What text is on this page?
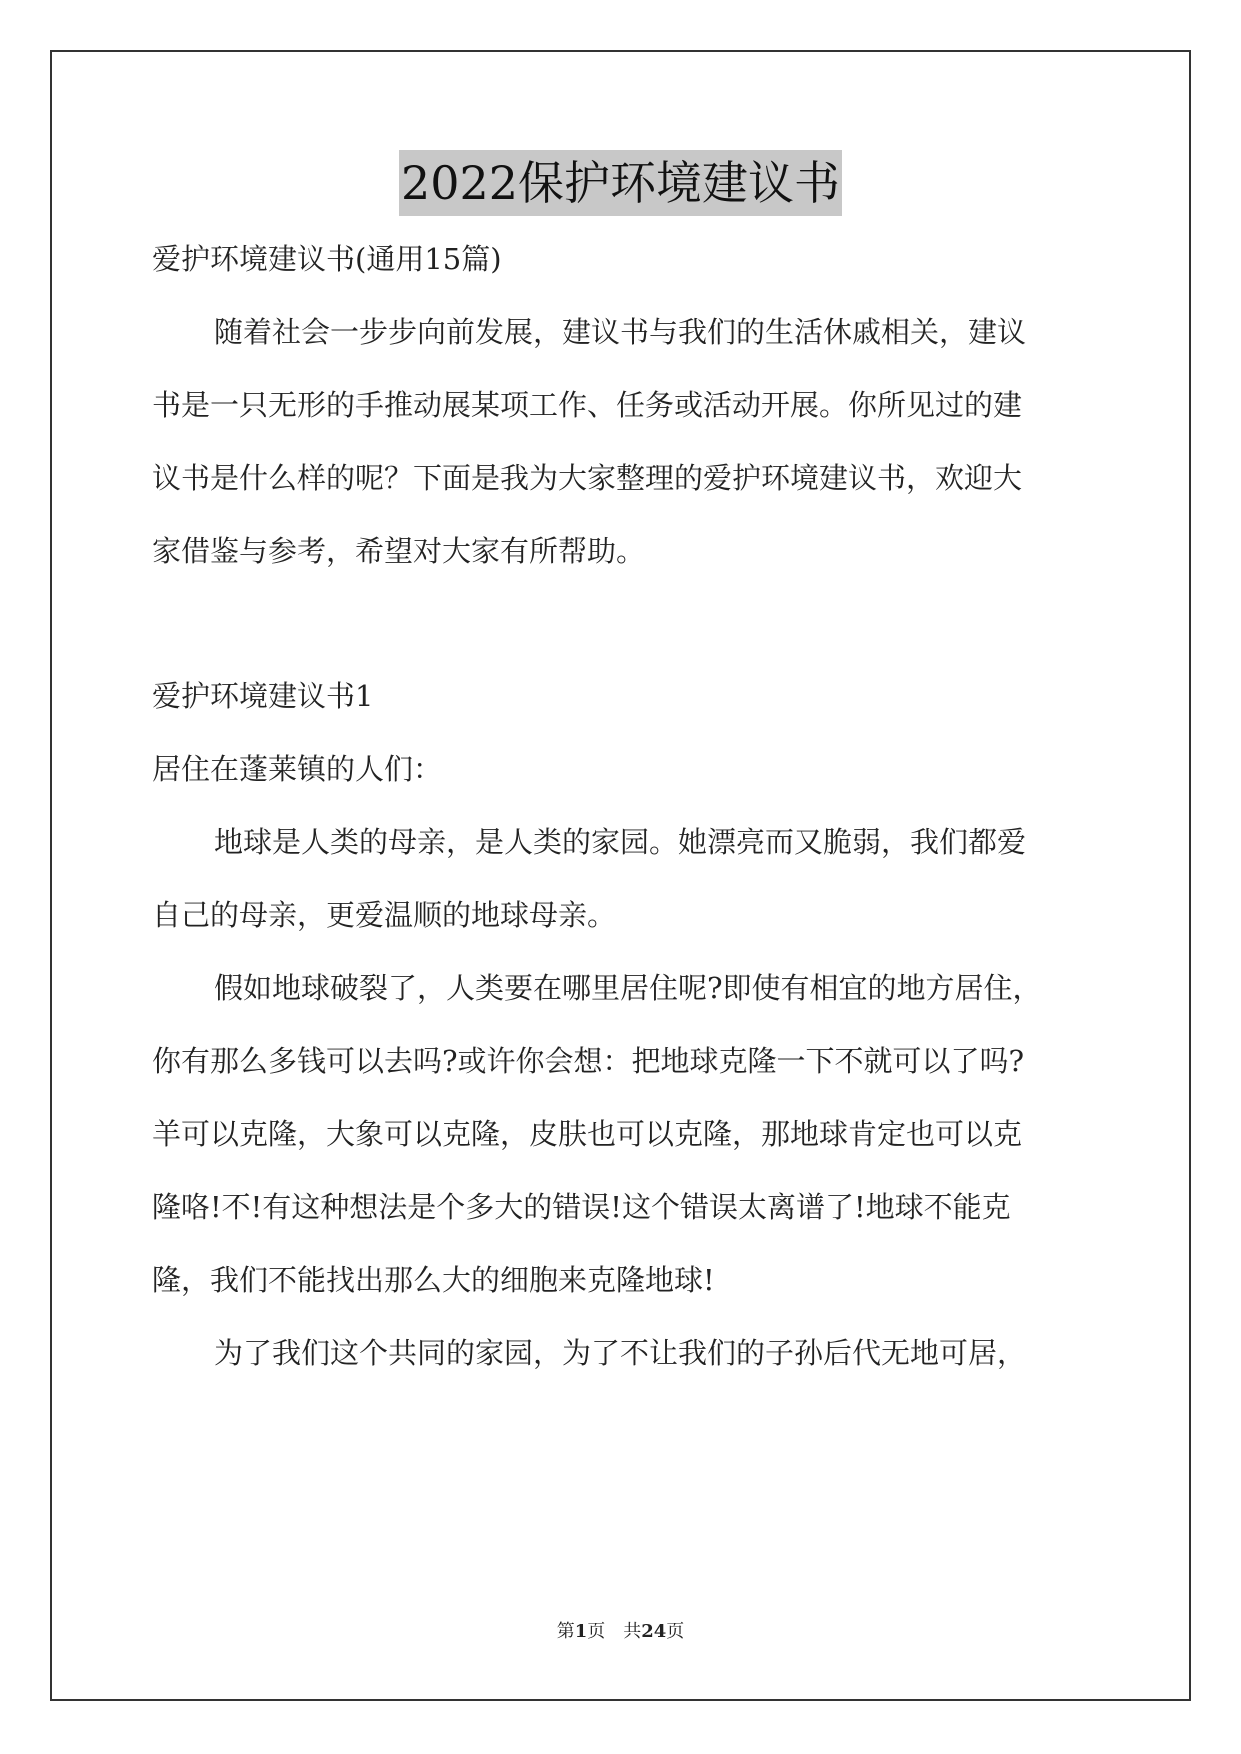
2022保护环境建议书
爱护环境建议书(通用15篇)
随着社会一步步向前发展，建议书与我们的生活休戚相关，建议
书是一只无形的手推动展某项工作、任务或活动开展。你所见过的建
议书是什么样的呢？下面是我为大家整理的爱护环境建议书，欢迎大
家借鉴与参考，希望对大家有所帮助。
爱护环境建议书1
居住在蓬莱镇的人们：
地球是人类的母亲，是人类的家园。她漂亮而又脆弱，我们都爱
自己的母亲，更爱温顺的地球母亲。
假如地球破裂了，人类要在哪里居住呢?即使有相宜的地方居住，
你有那么多钱可以去吗?或许你会想：把地球克隆一下不就可以了吗?
羊可以克隆，大象可以克隆，皮肤也可以克隆，那地球肯定也可以克
隆咯!不!有这种想法是个多大的错误!这个错误太离谱了!地球不能克
隆，我们不能找出那么大的细胞来克隆地球!
为了我们这个共同的家园，为了不让我们的子孙后代无地可居，
第1页　共24页
